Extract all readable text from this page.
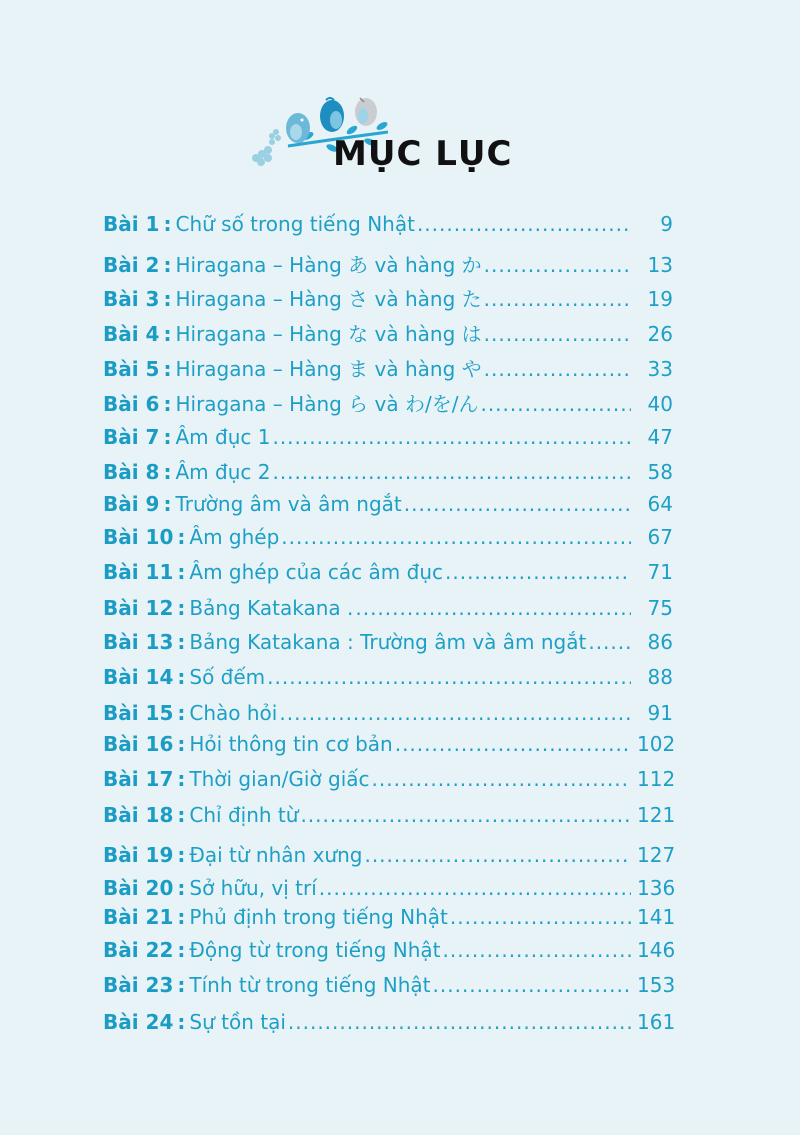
MỤC LỤC
Bài 1 : Chữ số trong tiếng Nhật .....	9
Bài 2 : Hiragana – Hàng あ và hàng か .....	13
Bài 3 : Hiragana – Hàng さ và hàng た .....	19
Bài 4 : Hiragana – Hàng な và hàng は .....	26
Bài 5 : Hiragana – Hàng ま và hàng や .....	33
Bài 6 : Hiragana – Hàng ら và わ/を/ん .....	40
Bài 7 : Âm đục 1 .....	47
Bài 8 : Âm đục 2 .....	58
Bài 9 : Trường âm và âm ngắt .....	64
Bài 10 : Âm ghép .....	67
Bài 11 : Âm ghép của các âm đục .....	71
Bài 12 : Bảng Katakana . .....	75
Bài 13 : Bảng Katakana : Trường âm và âm ngắt .....	86
Bài 14 : Số đếm .....	88
Bài 15 : Chào hỏi .....	91
Bài 16 : Hỏi thông tin cơ bản .....	102
Bài 17 : Thời gian/Giờ giấc .....	112
Bài 18 : Chỉ định từ .....	121
Bài 19 : Đại từ nhân xưng .....	127
Bài 20 : Sở hữu, vị trí .....	136
Bài 21 : Phủ định trong tiếng Nhật .....	141
Bài 22 : Động từ trong tiếng Nhật .....	146
Bài 23 : Tính từ trong tiếng Nhật .....	153
Bài 24 : Sự tồn tại .....	161
